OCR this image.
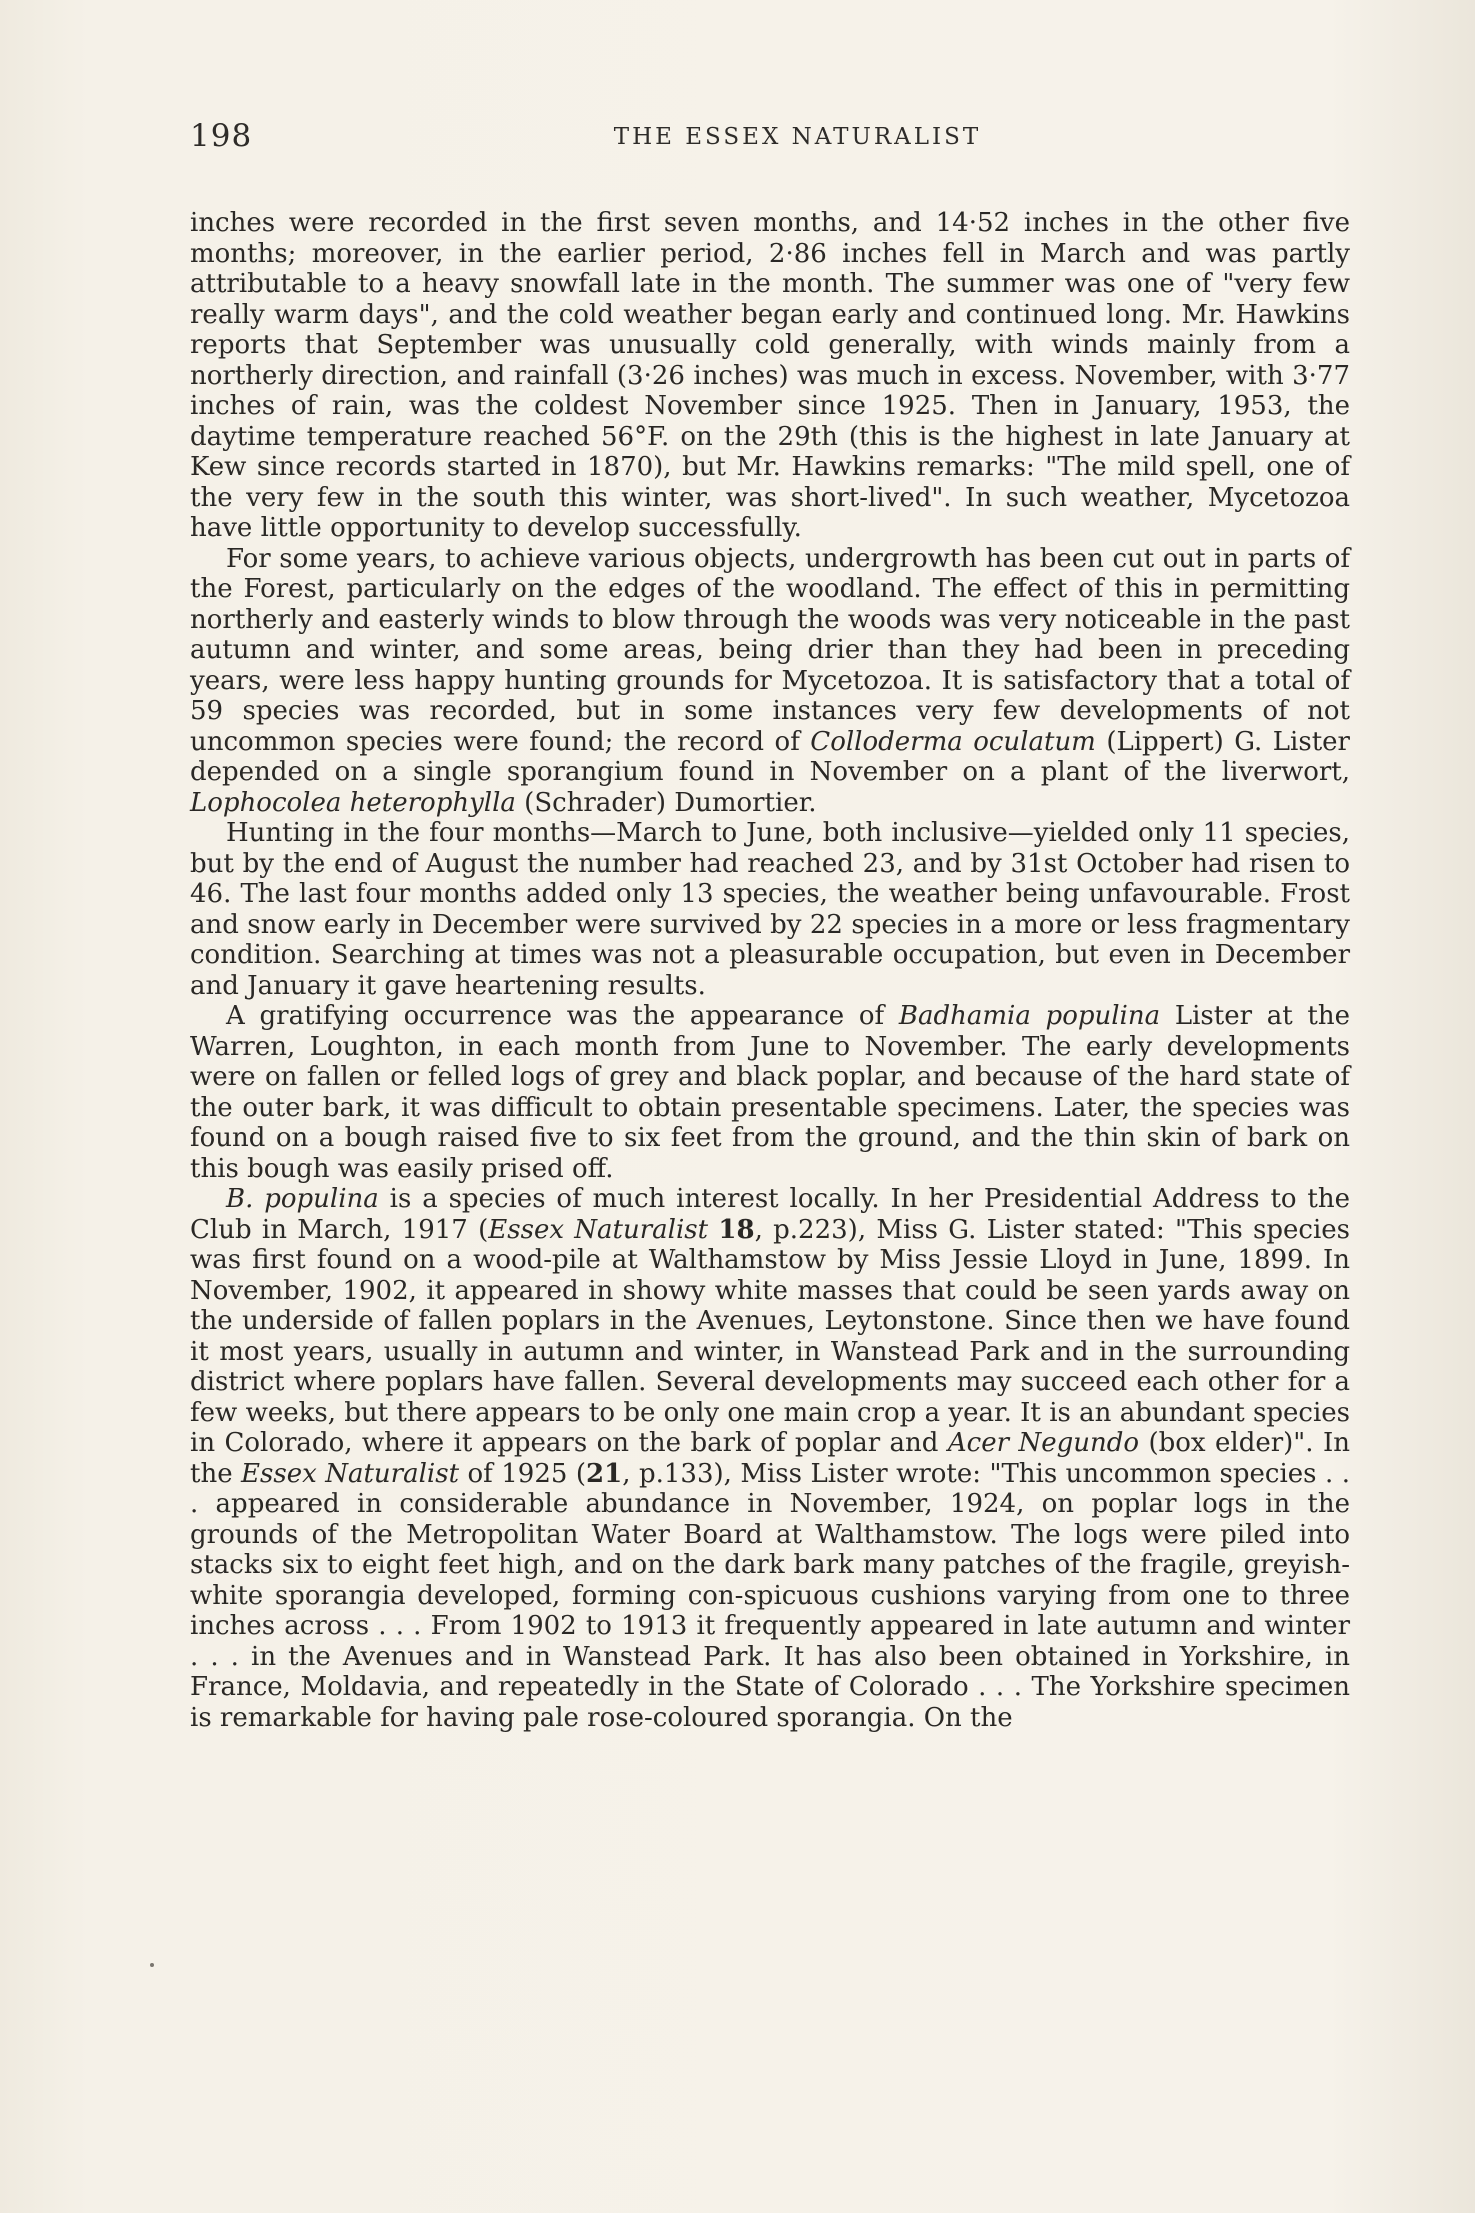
198	THE ESSEX NATURALIST

inches were recorded in the first seven months, and 14·52 inches in the other five months; moreover, in the earlier period, 2·86 inches fell in March and was partly attributable to a heavy snowfall late in the month. The summer was one of "very few really warm days", and the cold weather began early and continued long. Mr. Hawkins reports that September was unusually cold generally, with winds mainly from a northerly direction, and rainfall (3·26 inches) was much in excess. November, with 3·77 inches of rain, was the coldest November since 1925. Then in January, 1953, the daytime temperature reached 56°F. on the 29th (this is the highest in late January at Kew since records started in 1870), but Mr. Hawkins remarks: "The mild spell, one of the very few in the south this winter, was short-lived". In such weather, Mycetozoa have little opportunity to develop successfully.

For some years, to achieve various objects, undergrowth has been cut out in parts of the Forest, particularly on the edges of the woodland. The effect of this in permitting northerly and easterly winds to blow through the woods was very noticeable in the past autumn and winter, and some areas, being drier than they had been in preceding years, were less happy hunting grounds for Mycetozoa. It is satisfactory that a total of 59 species was recorded, but in some instances very few developments of not uncommon species were found; the record of Colloderma oculatum (Lippert) G. Lister depended on a single sporangium found in November on a plant of the liverwort, Lophocolea heterophylla (Schrader) Dumortier.

Hunting in the four months—March to June, both inclusive—yielded only 11 species, but by the end of August the number had reached 23, and by 31st October had risen to 46. The last four months added only 13 species, the weather being unfavourable. Frost and snow early in December were survived by 22 species in a more or less fragmentary condition. Searching at times was not a pleasurable occupation, but even in December and January it gave heartening results.

A gratifying occurrence was the appearance of Badhamia populina Lister at the Warren, Loughton, in each month from June to November. The early developments were on fallen or felled logs of grey and black poplar, and because of the hard state of the outer bark, it was difficult to obtain presentable specimens. Later, the species was found on a bough raised five to six feet from the ground, and the thin skin of bark on this bough was easily prised off.

B. populina is a species of much interest locally. In her Presidential Address to the Club in March, 1917 (Essex Naturalist 18, p.223), Miss G. Lister stated: "This species was first found on a wood-pile at Walthamstow by Miss Jessie Lloyd in June, 1899. In November, 1902, it appeared in showy white masses that could be seen yards away on the underside of fallen poplars in the Avenues, Leytonstone. Since then we have found it most years, usually in autumn and winter, in Wanstead Park and in the surrounding district where poplars have fallen. Several developments may succeed each other for a few weeks, but there appears to be only one main crop a year. It is an abundant species in Colorado, where it appears on the bark of poplar and Acer Negundo (box elder)". In the Essex Naturalist of 1925 (21, p.133), Miss Lister wrote: "This uncommon species . . . appeared in considerable abundance in November, 1924, on poplar logs in the grounds of the Metropolitan Water Board at Walthamstow. The logs were piled into stacks six to eight feet high, and on the dark bark many patches of the fragile, greyish-white sporangia developed, forming con-spicuous cushions varying from one to three inches across . . . From 1902 to 1913 it frequently appeared in late autumn and winter . . . in the Avenues and in Wanstead Park. It has also been obtained in Yorkshire, in France, Moldavia, and repeatedly in the State of Colorado . . . The Yorkshire specimen is remarkable for having pale rose-coloured sporangia. On the
